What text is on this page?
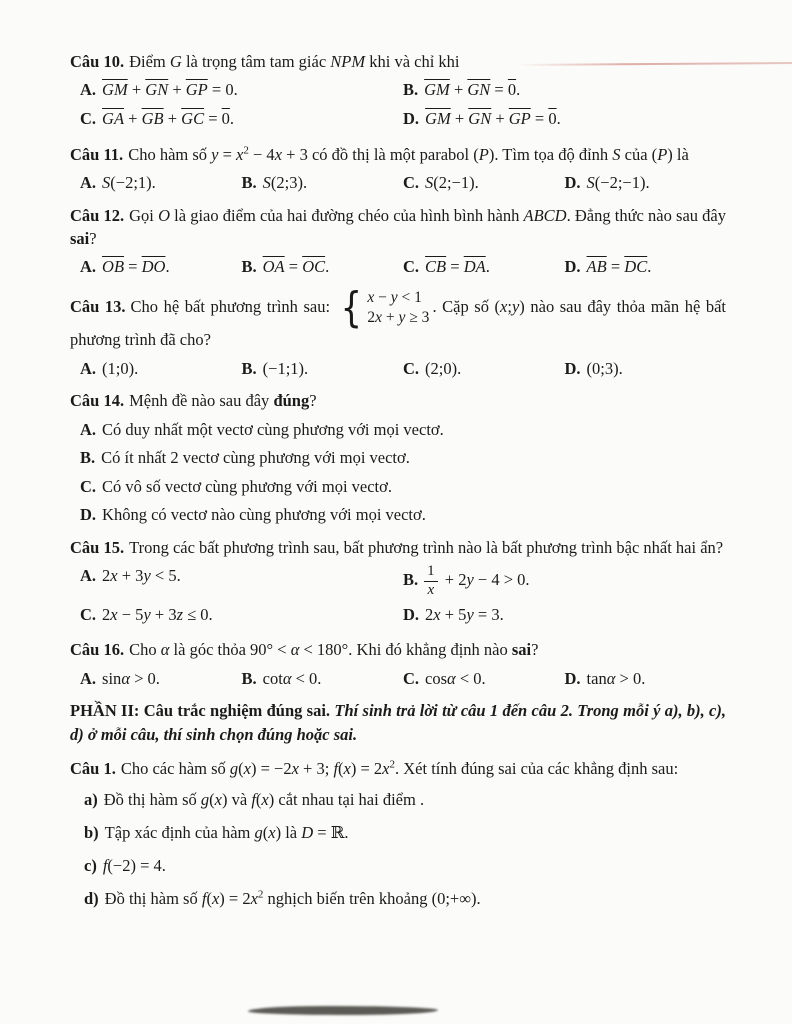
Câu 10. Điểm G là trọng tâm tam giác NPM khi và chỉ khi

A. $\overline{GM} + \overline{GN} + \overline{GP} = 0$.	B. $\overline{GM} + \overline{GN} = 0$.
C. $\overline{GA} + \overline{GB} + \overline{GC} = 0$.	D. $\overline{GM} + \overline{GN} + \overline{GP} = 0$.

Câu 11. Cho hàm số $y = x^2 - 4x + 3$ có đồ thị là một parabol (P). Tìm tọa độ đỉnh S của (P) là

A. S(−2;1).	B. S(2;3).	C. S(2;−1).	D. S(−2;−1).

Câu 12. Gọi O là giao điểm của hai đường chéo của hình bình hành ABCD. Đẳng thức nào sau đây sai?

A. $\overline{OB} = \overline{DO}$.	B. $\overline{OA} = \overline{OC}$.	C. $\overline{CB} = \overline{DA}$.	D. $\overline{AB} = \overline{DC}$.

Câu 13. Cho hệ bất phương trình sau: { x − y < 1
2x + y ≥ 3
. Cặp số (x;y) nào sau đây thỏa mãn hệ bất phương trình đã cho?

A. (1;0).	B. (−1;1).	C. (2;0).	D. (0;3).

Câu 14. Mệnh đề nào sau đây đúng?

A. Có duy nhất một vectơ cùng phương với mọi vectơ.
B. Có ít nhất 2 vectơ cùng phương với mọi vectơ.
C. Có vô số vectơ cùng phương với mọi vectơ.
D. Không có vectơ nào cùng phương với mọi vectơ.

Câu 15. Trong các bất phương trình sau, bất phương trình nào là bất phương trình bậc nhất hai ẩn?

A. 2x + 3y < 5.	B. $\frac{1}{x} + 2y - 4 > 0$.
C. 2x − 5y + 3z ≤ 0.	D. 2x + 5y = 3.

Câu 16. Cho α là góc thỏa 90° < α < 180°. Khi đó khẳng định nào sai?

A. sinα > 0.	B. cotα < 0.	C. cosα < 0.	D. tanα > 0.

PHẦN II: Câu trắc nghiệm đúng sai. Thí sinh trả lời từ câu 1 đến câu 2. Trong mỗi ý a), b), c), d) ở mỗi câu, thí sinh chọn đúng hoặc sai.

Câu 1. Cho các hàm số g(x) = −2x + 3; $f(x) = 2x^2$. Xét tính đúng sai của các khẳng định sau:

a) Đồ thị hàm số g(x) và f(x) cắt nhau tại hai điểm .
b) Tập xác định của hàm g(x) là D = ℝ.
c) f(−2) = 4.
d) Đồ thị hàm số $f(x) = 2x^2$ nghịch biến trên khoảng (0;+∞).
